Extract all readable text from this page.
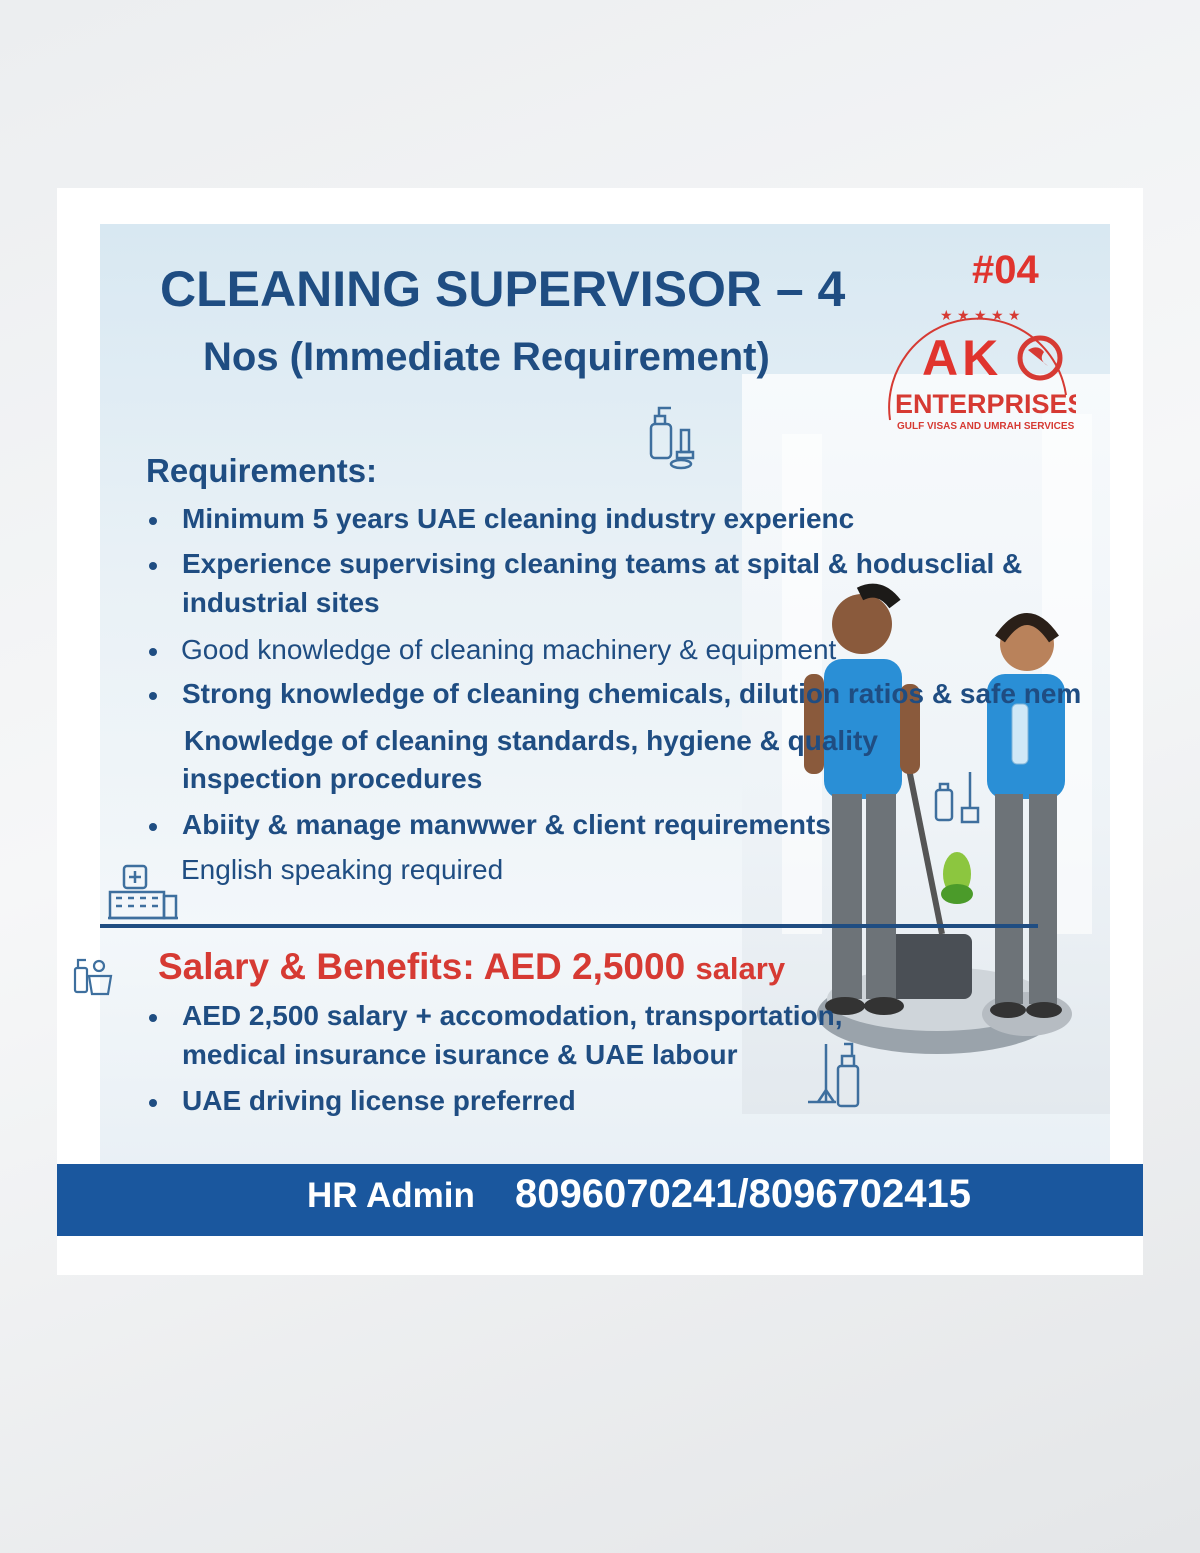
CLEANING SUPERVISOR – 4
Nos (Immediate Requirement)
#04
★ ★ ★ ★ ★
AK
ENTERPRISES
GULF VISAS AND UMRAH SERVICES
Requirements:

Minimum 5 years UAE cleaning industry experienc

Experience supervising cleaning teams at spital & hodusclial &

industrial sites

Good knowledge of cleaning machinery & equipment

Strong knowledge of cleaning chemicals, dilution ratios & safe nem

Knowledge of cleaning standards, hygiene & quality

inspection procedures

Abiity & manage manwwer & client requirements

English speaking required

Salary & Benefits: AED 2,5000 salary

AED 2,500 salary + accomodation, transportation,

medical insurance isurance & UAE labour

UAE driving license preferred

HR Admin 8096070241/8096702415
